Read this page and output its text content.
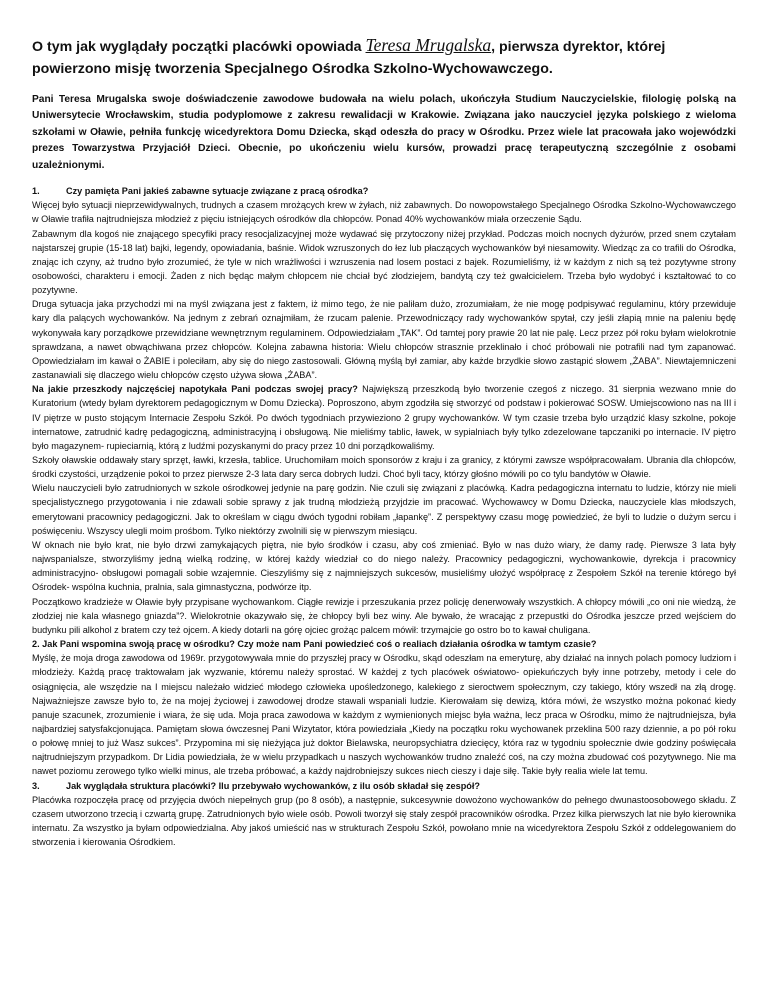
O tym jak wyglądały początki placówki opowiada Teresa Mrugalska, pierwsza dyrektor, której powierzono misję tworzenia Specjalnego Ośrodka Szkolno-Wychowawczego.

Pani Teresa Mrugalska swoje doświadczenie zawodowe budowała na wielu polach, ukończyła Studium Nauczycielskie, filologię polską na Uniwersytecie Wrocławskim, studia podyplomowe z zakresu rewalidacji w Krakowie. Związana jako nauczyciel języka polskiego z wieloma szkołami w Oławie, pełniła funkcję wicedyrektora Domu Dziecka, skąd odeszła do pracy w Ośrodku. Przez wiele lat pracowała jako wojewódzki prezes Towarzystwa Przyjaciół Dzieci. Obecnie, po ukończeniu wielu kursów, prowadzi pracę terapeutyczną szczególnie z osobami uzależnionymi.

1.	Czy pamięta Pani jakieś zabawne sytuacje związane z pracą ośrodka?

Więcej było sytuacji nieprzewidywalnych, trudnych a czasem mrożących krew w żyłach, niż zabawnych. Do nowopowstałego Specjalnego Ośrodka Szkolno-Wychowawczego w Oławie trafiła najtrudniejsza młodzież z pięciu istniejących ośrodków dla chłopców. Ponad 40% wychowanków miała orzeczenie Sądu.

Zabawnym dla kogoś nie znającego specyfiki pracy resocjalizacyjnej może wydawać się przytoczony niżej przykład. Podczas moich nocnych dyżurów, przed snem czytałam najstarszej grupie (15-18 lat) bajki, legendy, opowiadania, baśnie. Widok wzruszonych do łez lub płaczących wychowanków był niesamowity. Wiedząc za co trafili do Ośrodka, znając ich czyny, aż trudno było zrozumieć, że tyle w nich wrażliwości i wzruszenia nad losem postaci z bajek. Rozumieliśmy, iż w każdym z nich są też pozytywne strony osobowości, charakteru i emocji. Żaden z nich będąc małym chłopcem nie chciał być złodziejem, bandytą czy też gwałcicielem. Trzeba było wydobyć i kształtować to co pozytywne.

Druga sytuacja jaka przychodzi mi na myśl związana jest z faktem, iż mimo tego, że nie paliłam dużo, zrozumiałam, że nie mogę podpisywać regulaminu, który przewiduje kary dla palących wychowanków. Na jednym z zebrań oznajmiłam, że rzucam palenie. Przewodniczący rady wychowanków spytał, czy jeśli złapią mnie na paleniu będę wykonywała kary porządkowe przewidziane wewnętrznym regulaminem. Odpowiedziałam „TAK”. Od tamtej pory prawie 20 lat nie palę. Lecz przez pół roku byłam wielokrotnie sprawdzana, a nawet obwąchiwana przez chłopców. Kolejna zabawna historia: Wielu chłopców strasznie przeklinało i choć próbowali nie potrafili nad tym zapanować. Opowiedziałam im kawał o ŻABIE i poleciłam, aby się do niego zastosowali. Główną myślą był zamiar, aby każde brzydkie słowo zastąpić słowem „ŻABA”. Niewtajemniczeni zastanawiali się dlaczego wielu chłopców często używa słowa „ŻABA”.

Na jakie przeszkody najczęściej napotykała Pani podczas swojej pracy? Największą przeszkodą było tworzenie czegoś z niczego. 31 sierpnia wezwano mnie do Kuratorium (wtedy byłam dyrektorem pedagogicznym w Domu Dziecka). Poproszono, abym zgodziła się stworzyć od podstaw i pokierować SOSW. Umiejscowiono nas na III i IV piętrze w pusto stojącym Internacie Zespołu Szkół. Po dwóch tygodniach przywieziono 2 grupy wychowanków. W tym czasie trzeba było urządzić klasy szkolne, pokoje internatowe, zatrudnić kadrę pedagogiczną, administracyjną i obsługową. Nie mieliśmy tablic, ławek, w sypialniach były tylko zdezelowane tapczaniki po internacie. IV piętro było magazynem- rupieciarnią, którą z ludźmi pozyskanymi do pracy przez 10 dni porządkowaliśmy.

Szkoły oławskie oddawały stary sprzęt, ławki, krzesła, tablice. Uruchomiłam moich sponsorów z kraju i za granicy, z którymi zawsze współpracowałam. Ubrania dla chłopców, środki czystości, urządzenie pokoi to przez pierwsze 2-3 lata dary serca dobrych ludzi. Choć byli tacy, którzy głośno mówili po co tylu bandytów w Oławie.

Wielu nauczycieli było zatrudnionych w szkole ośrodkowej jedynie na parę godzin. Nie czuli się związani z placówką. Kadra pedagogiczna internatu to ludzie, którzy nie mieli specjalistycznego przygotowania i nie zdawali sobie sprawy z jak trudną młodzieżą przyjdzie im pracować. Wychowawcy w Domu Dziecka, nauczyciele klas młodszych, emerytowani pracownicy pedagogiczni. Jak to określam w ciągu dwóch tygodni robiłam „łapankę”. Z perspektywy czasu mogę powiedzieć, że byli to ludzie o dużym sercu i poświęceniu. Wszyscy ulegli moim prośbom. Tylko niektórzy zwolnili się w pierwszym miesiącu.

W oknach nie było krat, nie było drzwi zamykających piętra, nie było środków i czasu, aby coś zmieniać. Było w nas dużo wiary, że damy radę. Pierwsze 3 lata były najwspanialsze, stworzyliśmy jedną wielką rodzinę, w której każdy wiedział co do niego należy. Pracownicy pedagogiczni, wychowankowie, dyrekcja i pracownicy administracyjno- obsługowi pomagali sobie wzajemnie. Cieszyliśmy się z najmniejszych sukcesów, musieliśmy ułożyć współpracę z Zespołem Szkół na terenie którego był Ośrodek- wspólna kuchnia, pralnia, sala gimnastyczna, podwórze itp.

Początkowo kradzieże w Oławie były przypisane wychowankom. Ciągłe rewizje i przeszukania przez policję denerwowały wszystkich. A chłopcy mówili „co oni nie wiedzą, że złodziej nie kala własnego gniazda”?. Wielokrotnie okazywało się, że chłopcy byli bez winy. Ale bywało, że wracając z przepustki do Ośrodka jeszcze przed wejściem do budynku pili alkohol z bratem czy też ojcem. A kiedy dotarli na górę ojciec grożąc palcem mówił: trzymajcie go ostro bo to kawał chuligana.

2. Jak Pani wspomina swoją pracę w ośrodku? Czy może nam Pani powiedzieć coś o realiach działania ośrodka w tamtym czasie?

Myślę, że moja droga zawodowa od 1969r. przygotowywała mnie do przyszłej pracy w Ośrodku, skąd odeszłam na emeryturę, aby działać na innych polach pomocy ludziom i młodzieży. Każdą pracę traktowałam jak wyzwanie, któremu należy sprostać. W każdej z tych placówek oświatowo- opiekuńczych były inne potrzeby, metody i cele do osiągnięcia, ale wszędzie na I miejscu należało widzieć młodego człowieka upośledzonego, kalekiego z sieroctwem społecznym, czy takiego, który wszedł na złą drogę. Najważniejsze zawsze było to, że na mojej życiowej i zawodowej drodze stawali wspaniali ludzie. Kierowałam się dewizą, która mówi, że wszystko można pokonać kiedy panuje szacunek, zrozumienie i wiara, że się uda. Moja praca zawodowa w każdym z wymienionych miejsc była ważna, lecz praca w Ośrodku, mimo że najtrudniejsza, była najbardziej satysfakcjonująca. Pamiętam słowa ówczesnej Pani Wizytator, która powiedziała „Kiedy na początku roku wychowanek przeklina 500 razy dziennie, a po pół roku o połowę mniej to już Wasz sukces”. Przypomina mi się nieżyjąca już doktor Bielawska, neuropsychiatra dziecięcy, która raz w tygodniu społecznie dwie godziny poświęcała najtrudniejszym przypadkom. Dr Lidia powiedziała, że w wielu przypadkach u naszych wychowanków trudno znaleźć coś, na czy można zbudować coś pozytywnego. Nie ma nawet poziomu zerowego tylko wielki minus, ale trzeba próbować, a każdy najdrobniejszy sukces niech cieszy i daje siłę. Takie były realia wiele lat temu.

3.	Jak wyglądała struktura placówki? Ilu przebywało wychowanków, z ilu osób składał się zespół?

Placówka rozpoczęła pracę od przyjęcia dwóch niepełnych grup (po 8 osób), a następnie, sukcesywnie dowożono wychowanków do pełnego dwunastoosobowego składu. Z czasem utworzono trzecią i czwartą grupę. Zatrudnionych było wiele osób. Powoli tworzył się stały zespół pracowników ośrodka. Przez kilka pierwszych lat nie było kierownika internatu. Za wszystko ja byłam odpowiedzialna. Aby jakoś umieścić nas w strukturach Zespołu Szkół, powołano mnie na wicedyrektora Zespołu Szkół z oddelegowaniem do stworzenia i kierowania Ośrodkiem.
